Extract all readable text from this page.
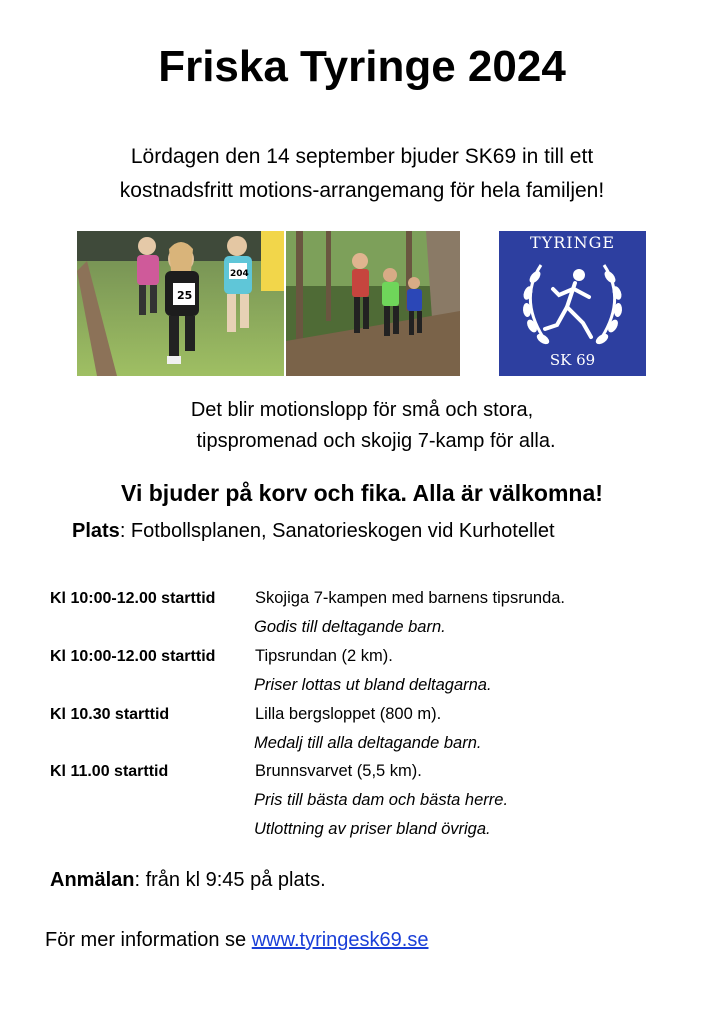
Friska Tyringe 2024
Lördagen den 14 september bjuder SK69 in till ett
kostnadsfritt motions-arrangemang för hela familjen!
25
204
TYRINGE
SK 69
Det blir motionslopp för små och stora,
tipspromenad och skojig 7-kamp för alla.
Vi bjuder på korv och fika. Alla är välkomna!
Plats: Fotbollsplanen, Sanatorieskogen vid Kurhotellet
Kl 10:00-12.00 starttid Skojiga 7-kampen med barnens tipsrunda.
Godis till deltagande barn.
Kl 10:00-12.00 starttid Tipsrundan (2 km).
Priser lottas ut bland deltagarna.
Kl 10.30 starttid	Lilla bergsloppet (800 m).
Medalj till alla deltagande barn.
Kl 11.00 starttid	Brunnsvarvet (5,5 km).
Pris till bästa dam och bästa herre.
Utlottning av priser bland övriga.
Anmälan: från kl 9:45 på plats.
För mer information se www.tyringesk69.se
